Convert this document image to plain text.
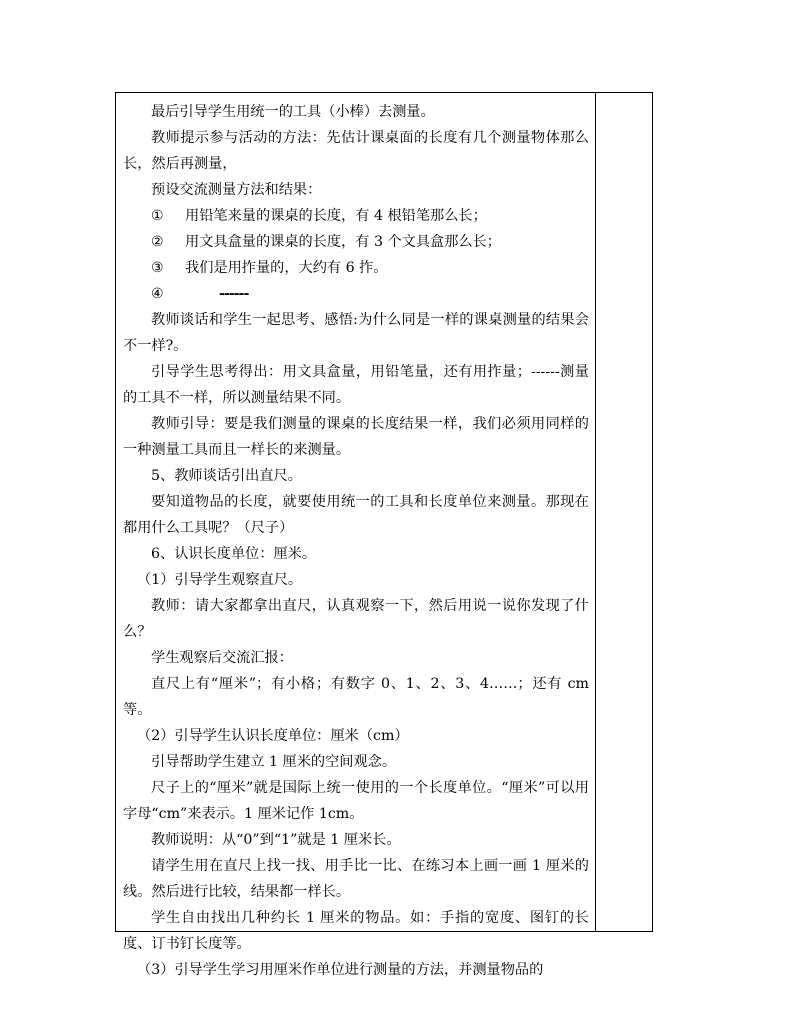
最后引导学生用统一的工具（小棒）去测量。

教师提示参与活动的方法：先估计课桌面的长度有几个测量物体那么长，然后再测量，

预设交流测量方法和结果：

① 用铅笔来量的课桌的长度，有 4 根铅笔那么长；

② 用文具盒量的课桌的长度，有 3 个文具盒那么长；

③ 我们是用拃量的，大约有 6 拃。

④	------

教师谈话和学生一起思考、感悟:为什么同是一样的课桌测量的结果会不一样?。

引导学生思考得出：用文具盒量，用铅笔量，还有用拃量；------测量的工具不一样，所以测量结果不同。

教师引导：要是我们测量的课桌的长度结果一样，我们必须用同样的一种测量工具而且一样长的来测量。

5、教师谈话引出直尺。

要知道物品的长度，就要使用统一的工具和长度单位来测量。那现在都用什么工具呢？（尺子）

6、认识长度单位：厘米。

（1）引导学生观察直尺。

教师：请大家都拿出直尺，认真观察一下，然后用说一说你发现了什么？

学生观察后交流汇报：

直尺上有“厘米”；有小格；有数字 0、1、2、3、4……；还有 cm 等。

（2）引导学生认识长度单位：厘米（cm）

引导帮助学生建立 1 厘米的空间观念。

尺子上的“厘米”就是国际上统一使用的一个长度单位。“厘米”可以用字母“cm”来表示。1 厘米记作 1cm。

教师说明：从“0”到“1”就是 1 厘米长。

请学生用在直尺上找一找、用手比一比、在练习本上画一画 1 厘米的线。然后进行比较，结果都一样长。

学生自由找出几种约长 1 厘米的物品。如：手指的宽度、图钉的长度、订书钉长度等。

（3）引导学生学习用厘米作单位进行测量的方法，并测量物品的
